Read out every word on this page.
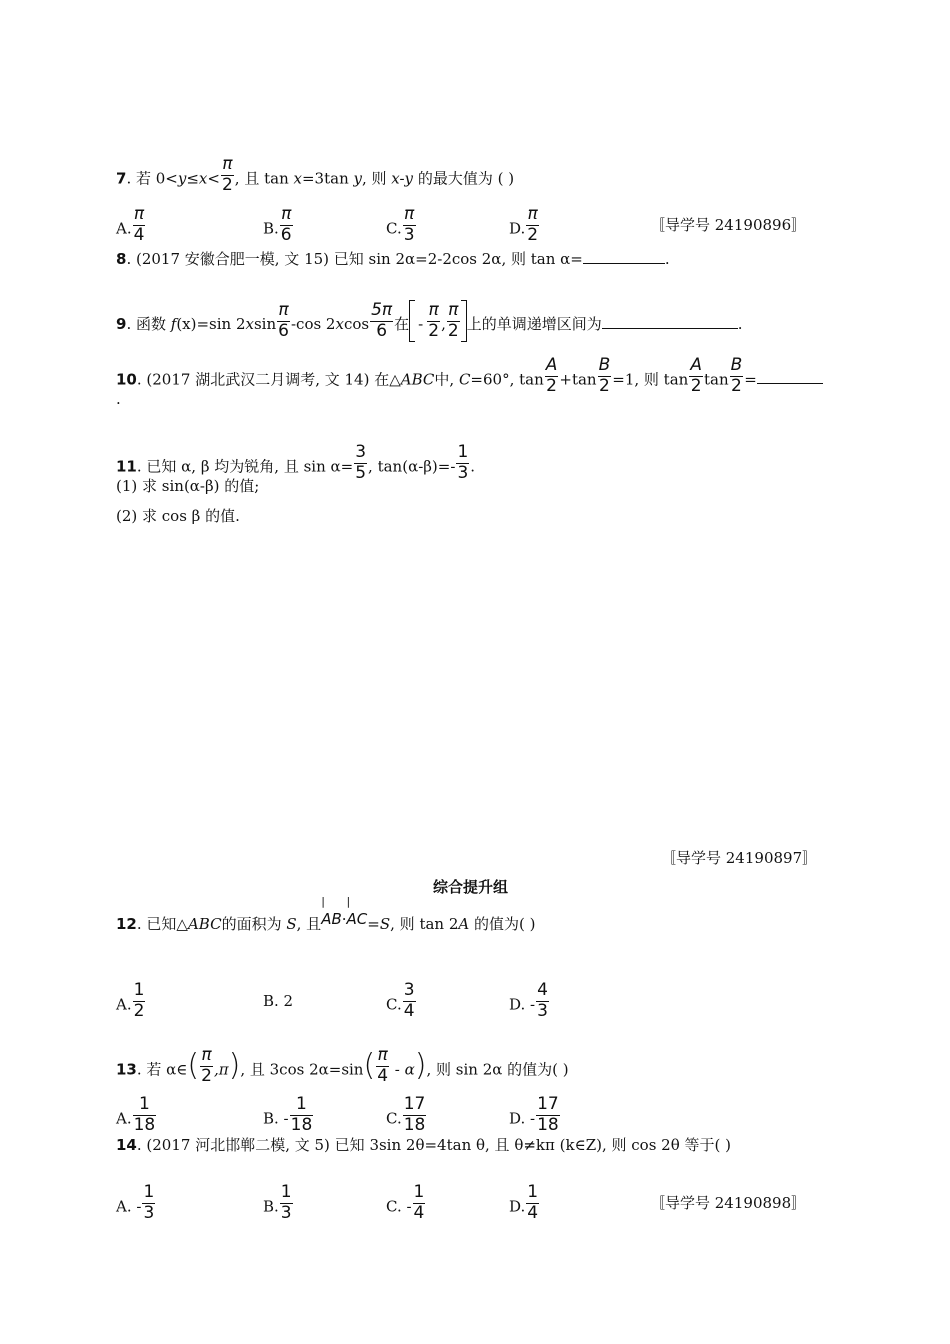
7. 若 $0<y\le x< \frac{\pi}{2}$ , 且 tan x=3tan y, 则 x-y 的最大值为 ( )
A. $\frac{\pi}{4}$	B. $\frac{\pi}{6}$	C. $\frac{\pi}{3}$	D. $\frac{\pi}{2}$	〚导学号 24190896〛
8. (2017 安徽合肥一模, 文 15) 已知 sin 2α=2-2cos 2α, 则 tan α=	.
9. 函数 f(x)=sin $2xsin \frac{\pi}{6} -\cos$ $2xcos \frac{5\pi}{6}$ 在 - $\frac{\pi}{2}$ , $\frac{\pi}{2}$ 上的单调递增区间为	.
10. (2017 湖北武汉二月调考, 文 14) 在△ABC中, C=60°, $\tan \frac{A}{2} +\tan \frac{B}{2} =1$, 则 $\tan \frac{A}{2}$ $\tan \frac{B}{2}$ =
.
11. 已知 α, β 均为锐角, 且 $\sin \alpha= \frac{3}{5}$ , $\tan(\alpha-\beta)=- \frac{1}{3}$ .
(1) 求 sin(α-β) 的值;
(2) 求 cos β 的值.
〚导学号 24190897〛
综合提升组
12. 已知△ABC的面积为 S, 且| AB·| AC=S, 则 tan 2A 的值为( )
A. $\frac{1}{2}$	B. 2	C. $\frac{3}{4}$	D. - $\frac{4}{3}$
13. 若 α∈( $\frac{\pi}{2} ,\pi$), 且 3cos $2\alpha=\sin( \frac{\pi}{4} - \alpha)$, 则 sin 2α 的值为( )
A. $\frac{1}{18}$	B. - $\frac{1}{18}$	C. $\frac{17}{18}$	D. - $\frac{17}{18}$
14. (2017 河北邯郸二模, 文 5) 已知 3sin 2θ=4tan θ, 且 θ≠kπ (k∈Z), 则 cos 2θ 等于( )
A. - $\frac{1}{3}$	B. $\frac{1}{3}$	C. - $\frac{1}{4}$	D. $\frac{1}{4}$	〚导学号 24190898〛
